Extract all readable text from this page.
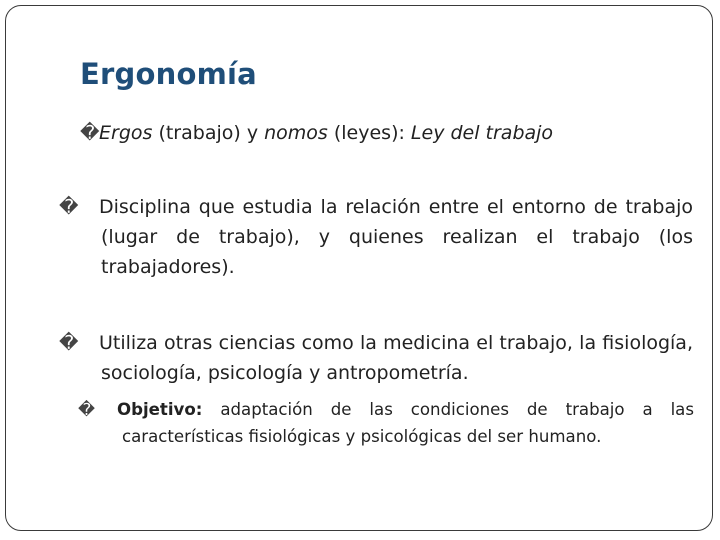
Ergonomía
�Ergos (trabajo) y nomos (leyes): Ley del trabajo
� Disciplina que estudia la relación entre el entorno de trabajo (lugar de trabajo), y quienes realizan el trabajo (los trabajadores).
� Utiliza otras ciencias como la medicina el trabajo, la fisiología, sociología, psicología y antropometría.
� Objetivo: adaptación de las condiciones de trabajo a las características fisiológicas y psicológicas del ser humano.
